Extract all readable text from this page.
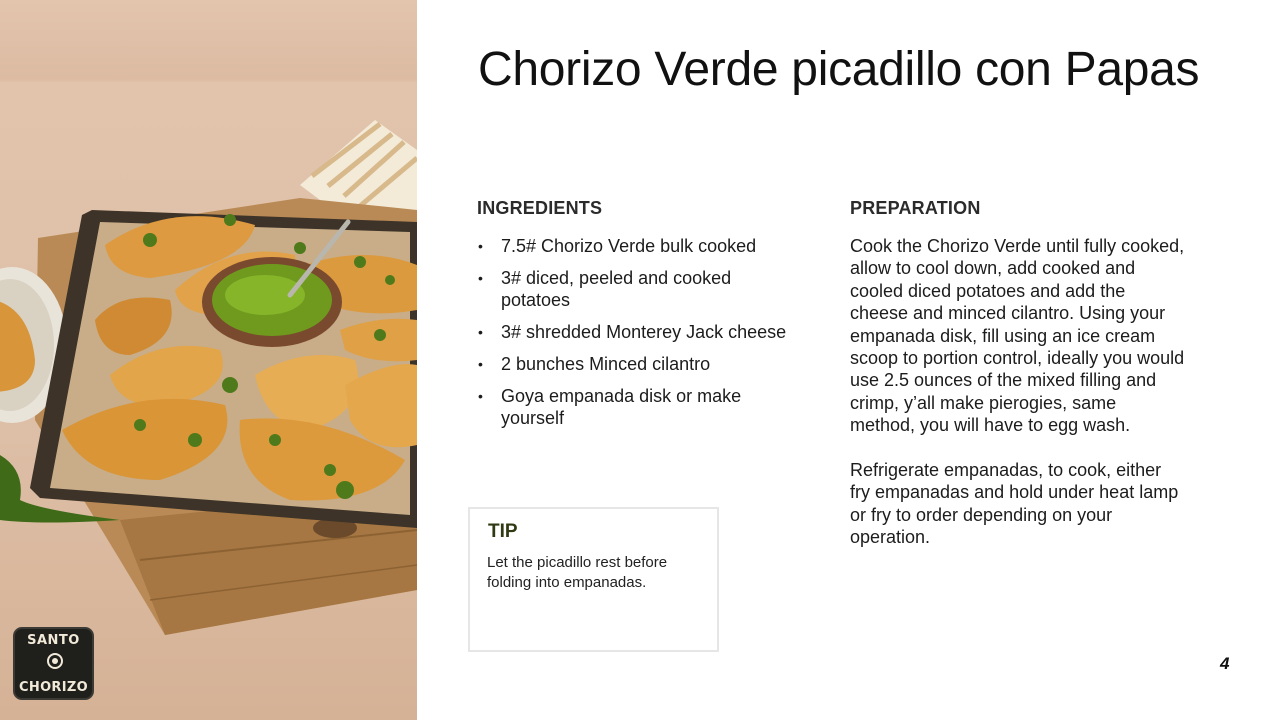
SANTO
CHORIZO
Chorizo Verde picadillo con Papas
INGREDIENTS
• 7.5# Chorizo Verde bulk cooked
• 3# diced, peeled and cooked potatoes
• 3# shredded Monterey Jack cheese
• 2 bunches Minced cilantro
• Goya empanada disk or make yourself
PREPARATION

Cook the Chorizo Verde until fully cooked, allow to cool down, add cooked and cooled diced potatoes and add the cheese and minced cilantro. Using your empanada disk, fill using an ice cream scoop to portion control, ideally you would use 2.5 ounces of the mixed filling and crimp, y’all make pierogies, same method, you will have to egg wash.

Refrigerate empanadas, to cook, either fry empanadas and hold under heat lamp or fry to order depending on your operation.

TIP
Let the picadillo rest before folding into empanadas.
4
